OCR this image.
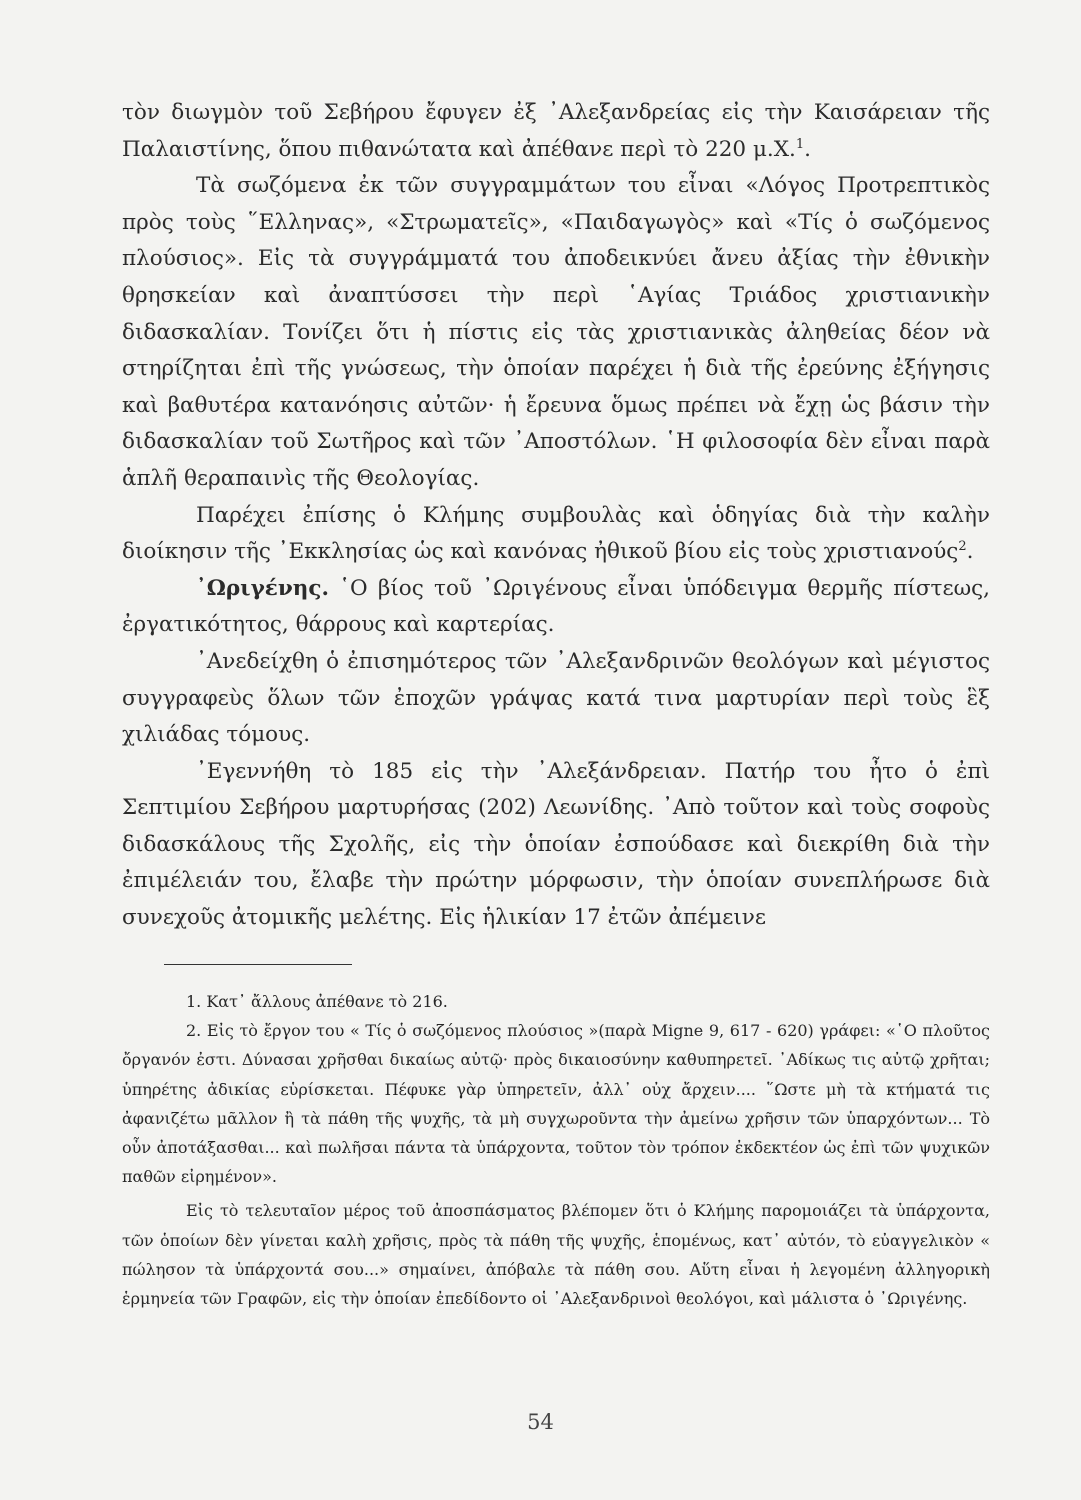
τὸν διωγμὸν τοῦ Σεβήρου ἔφυγεν ἐξ ᾿Αλεξανδρείας εἰς τὴν Καισάρειαν τῆς Παλαιστίνης, ὅπου πιθανώτατα καὶ ἀπέθανε περὶ τὸ 220 μ.Χ.$^1$.

Τὰ σωζόμενα ἐκ τῶν συγγραμμάτων του εἶναι «Λόγος Προτρεπτικὸς πρὸς τοὺς ῞Ελληνας», «Στρωματεῖς», «Παιδαγωγὸς» καὶ «Τίς ὁ σωζόμενος πλούσιος». Εἰς τὰ συγγράμματά του ἀποδεικνύει ἄνευ ἀξίας τὴν ἐθνικὴν θρησκείαν καὶ ἀναπτύσσει τὴν περὶ ῾Αγίας Τριάδος χριστιανικὴν διδασκαλίαν. Τονίζει ὅτι ἡ πίστις εἰς τὰς χριστιανικὰς ἀληθείας δέον νὰ στηρίζηται ἐπὶ τῆς γνώσεως, τὴν ὁποίαν παρέχει ἡ διὰ τῆς ἐρεύνης ἐξήγησις καὶ βαθυτέρα κατανόησις αὐτῶν· ἡ ἔρευνα ὅμως πρέπει νὰ ἔχῃ ὡς βάσιν τὴν διδασκαλίαν τοῦ Σωτῆρος καὶ τῶν ᾿Αποστόλων. ῾Η φιλοσοφία δὲν εἶναι παρὰ ἁπλῆ θεραπαινὶς τῆς Θεολογίας.

Παρέχει ἐπίσης ὁ Κλήμης συμβουλὰς καὶ ὁδηγίας διὰ τὴν καλὴν διοίκησιν τῆς ᾿Εκκλησίας ὡς καὶ κανόνας ἠθικοῦ βίου εἰς τοὺς χριστιανούς$^2$.

᾿Ωριγένης. ῾Ο βίος τοῦ ᾿Ωριγένους εἶναι ὑπόδειγμα θερμῆς πίστεως, ἐργατικότητος, θάρρους καὶ καρτερίας.

᾿Ανεδείχθη ὁ ἐπισημότερος τῶν ᾿Αλεξανδρινῶν θεολόγων καὶ μέγιστος συγγραφεὺς ὅλων τῶν ἐποχῶν γράψας κατά τινα μαρτυρίαν περὶ τοὺς ἓξ χιλιάδας τόμους.

᾿Εγεννήθη τὸ 185 εἰς τὴν ᾿Αλεξάνδρειαν. Πατήρ του ἦτο ὁ ἐπὶ Σεπτιμίου Σεβήρου μαρτυρήσας (202) Λεωνίδης. ᾿Απὸ τοῦτον καὶ τοὺς σοφοὺς διδασκάλους τῆς Σχολῆς, εἰς τὴν ὁποίαν ἐσπούδασε καὶ διεκρίθη διὰ τὴν ἐπιμέλειάν του, ἔλαβε τὴν πρώτην μόρφωσιν, τὴν ὁποίαν συνεπλήρωσε διὰ συνεχοῦς ἀτομικῆς μελέτης. Εἰς ἡλικίαν 17 ἐτῶν ἀπέμεινε

1. Κατ᾿ ἄλλους ἀπέθανε τὸ 216.

2. Εἰς τὸ ἔργον του « Τίς ὁ σωζόμενος πλούσιος »(παρὰ Migne 9, 617 - 620) γράφει: «῾Ο πλοῦτος ὄργανόν ἐστι. Δύνασαι χρῆσθαι δικαίως αὐτῷ· πρὸς δικαιοσύνην καθυπηρετεῖ. ᾿Αδίκως τις αὐτῷ χρῆται; ὑπηρέτης ἀδικίας εὑρίσκεται. Πέφυκε γὰρ ὑπηρετεῖν, ἀλλ᾿ οὐχ ἄρχειν.... ῞Ωστε μὴ τὰ κτήματά τις ἀφανιζέτω μᾶλλον ἢ τὰ πάθη τῆς ψυχῆς, τὰ μὴ συγχωροῦντα τὴν ἀμείνω χρῆσιν τῶν ὑπαρχόντων... Τὸ οὖν ἀποτάξασθαι... καὶ πωλῆσαι πάντα τὰ ὑπάρχοντα, τοῦτον τὸν τρόπον ἐκδεκτέον ὡς ἐπὶ τῶν ψυχικῶν παθῶν εἰρημένον».

Εἰς τὸ τελευταῖον μέρος τοῦ ἀποσπάσματος βλέπομεν ὅτι ὁ Κλήμης παρομοιάζει τὰ ὑπάρχοντα, τῶν ὁποίων δὲν γίνεται καλὴ χρῆσις, πρὸς τὰ πάθη τῆς ψυχῆς, ἑπομένως, κατ᾿ αὐτόν, τὸ εὐαγγελικὸν « πώλησον τὰ ὑπάρχοντά σου...» σημαίνει, ἀπόβαλε τὰ πάθη σου. Αὕτη εἶναι ἡ λεγομένη ἀλληγορικὴ ἑρμηνεία τῶν Γραφῶν, εἰς τὴν ὁποίαν ἐπεδίδοντο οἱ ᾿Αλεξανδρινοὶ θεολόγοι, καὶ μάλιστα ὁ ᾿Ωριγένης.

54
